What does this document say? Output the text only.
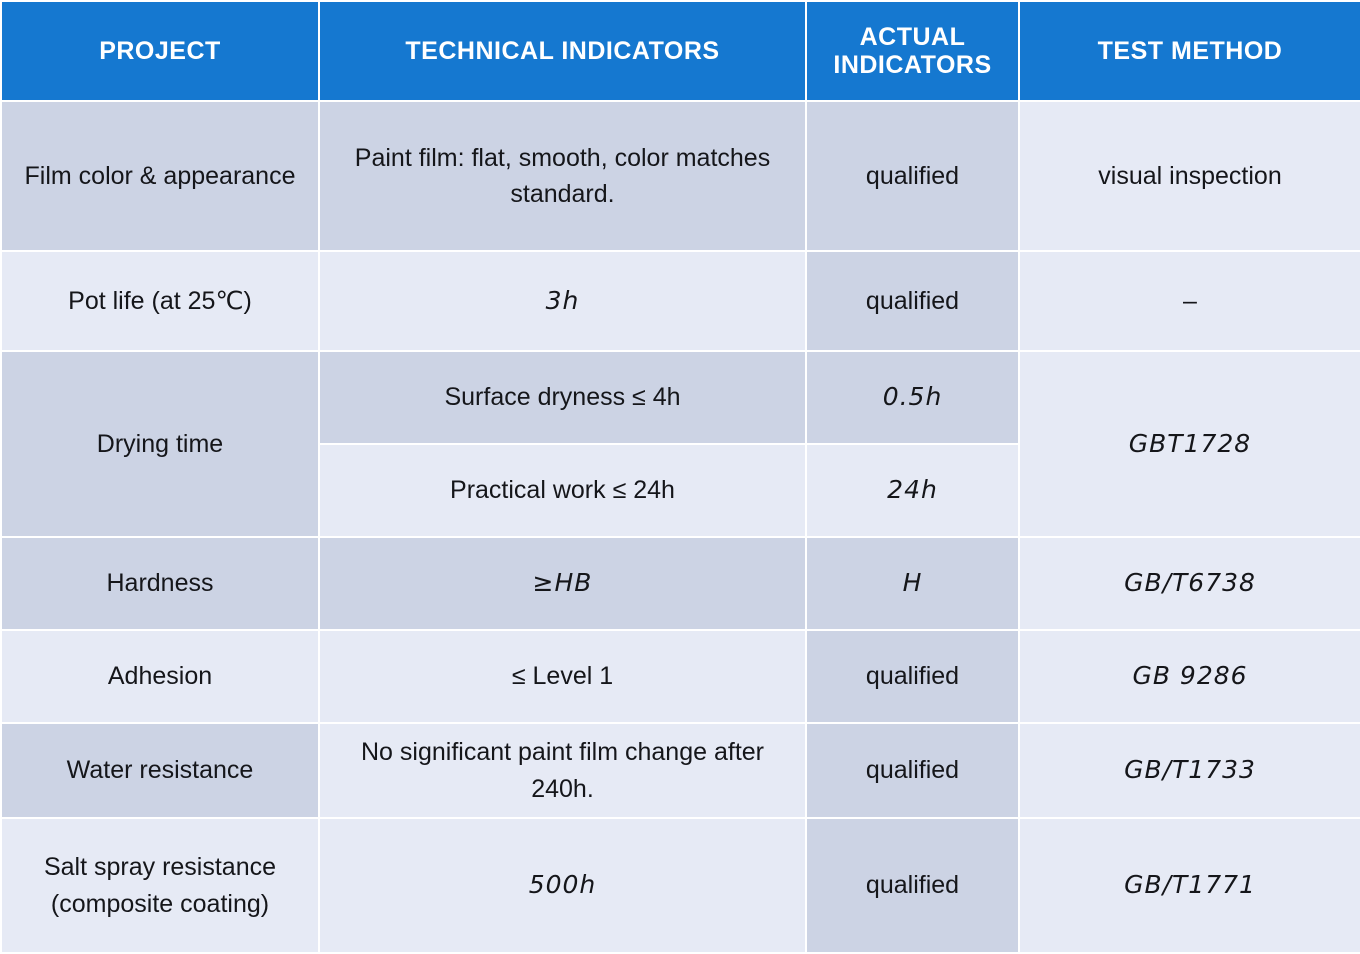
PROJECT	TECHNICAL INDICATORS	ACTUAL INDICATORS	TEST METHOD
Film color & appearance	Paint film: flat, smooth, color matches standard.	qualified	visual inspection
Pot life (at 25℃)	3h	qualified	–
Drying time	Surface dryness ≤ 4h	0.5h	GBT1728
	Practical work ≤ 24h	24h	
Hardness	≥HB	H	GB/T6738
Adhesion	≤ Level 1	qualified	GB 9286
Water resistance	No significant paint film change after 240h.	qualified	GB/T1733
Salt spray resistance (composite coating)	500h	qualified	GB/T1771
